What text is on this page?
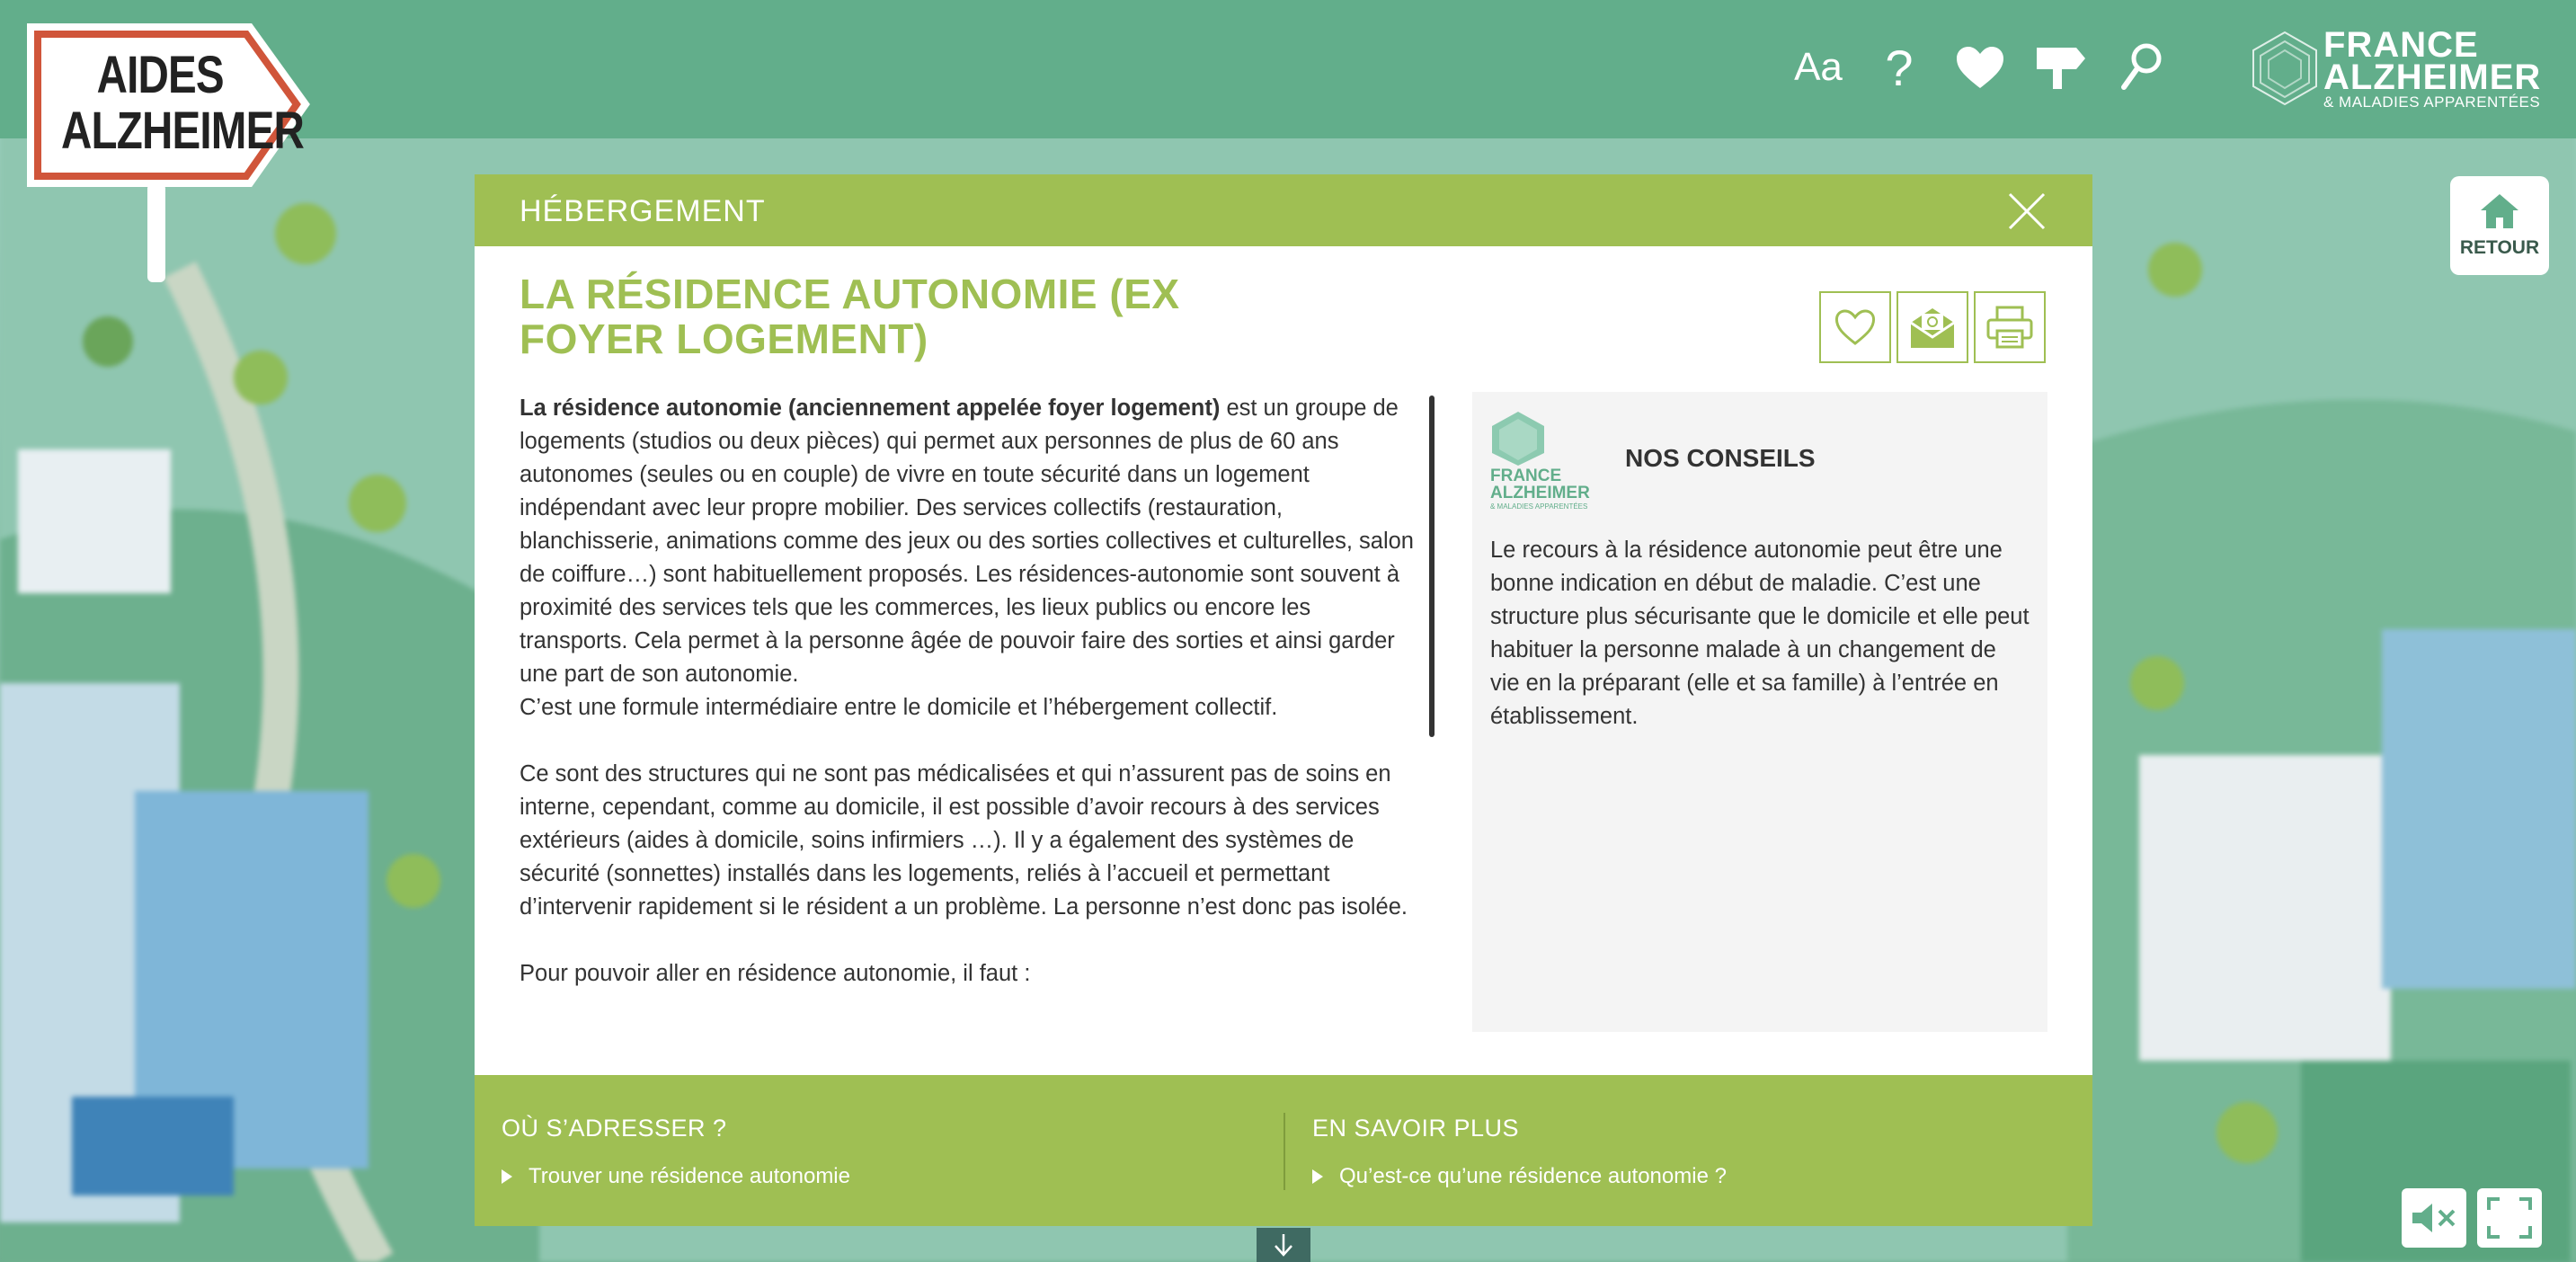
Aa ?	FRANCE
ALZHEIMER
& MALADIES APPARENTÉES
AIDES
ALZHEIMER
RETOUR
HÉBERGEMENT
LA RÉSIDENCE AUTONOMIE (EX FOYER LOGEMENT)

La résidence autonomie (anciennement appelée foyer logement) est un groupe de logements (studios ou deux pièces) qui permet aux personnes de plus de 60 ans autonomes (seules ou en couple) de vivre en toute sécurité dans un logement indépendant avec leur propre mobilier. Des services collectifs (restauration, blanchisserie, animations comme des jeux ou des sorties collectives et culturelles, salon de coiffure…) sont habituellement proposés. Les résidences-autonomie sont souvent à proximité des services tels que les commerces, les lieux publics ou encore les transports. Cela permet à la personne âgée de pouvoir faire des sorties et ainsi garder une part de son autonomie.
C’est une formule intermédiaire entre le domicile et l’hébergement collectif.

Ce sont des structures qui ne sont pas médicalisées et qui n’assurent pas de soins en interne, cependant, comme au domicile, il est possible d’avoir recours à des services extérieurs (aides à domicile, soins infirmiers …). Il y a également des systèmes de sécurité (sonnettes) installés dans les logements, reliés à l’accueil et permettant d’intervenir rapidement si le résident a un problème. La personne n’est donc pas isolée.

Pour pouvoir aller en résidence autonomie, il faut :

FRANCE
ALZHEIMER
& MALADIES APPARENTÉES
NOS CONSEILS
Le recours à la résidence autonomie peut être une bonne indication en début de maladie. C’est une structure plus sécurisante que le domicile et elle peut habituer la personne malade à un changement de vie en la préparant (elle et sa famille) à l’entrée en établissement.
OÙ S’ADRESSER ?
Trouver une résidence autonomie
EN SAVOIR PLUS
Qu’est-ce qu’une résidence autonomie ?
